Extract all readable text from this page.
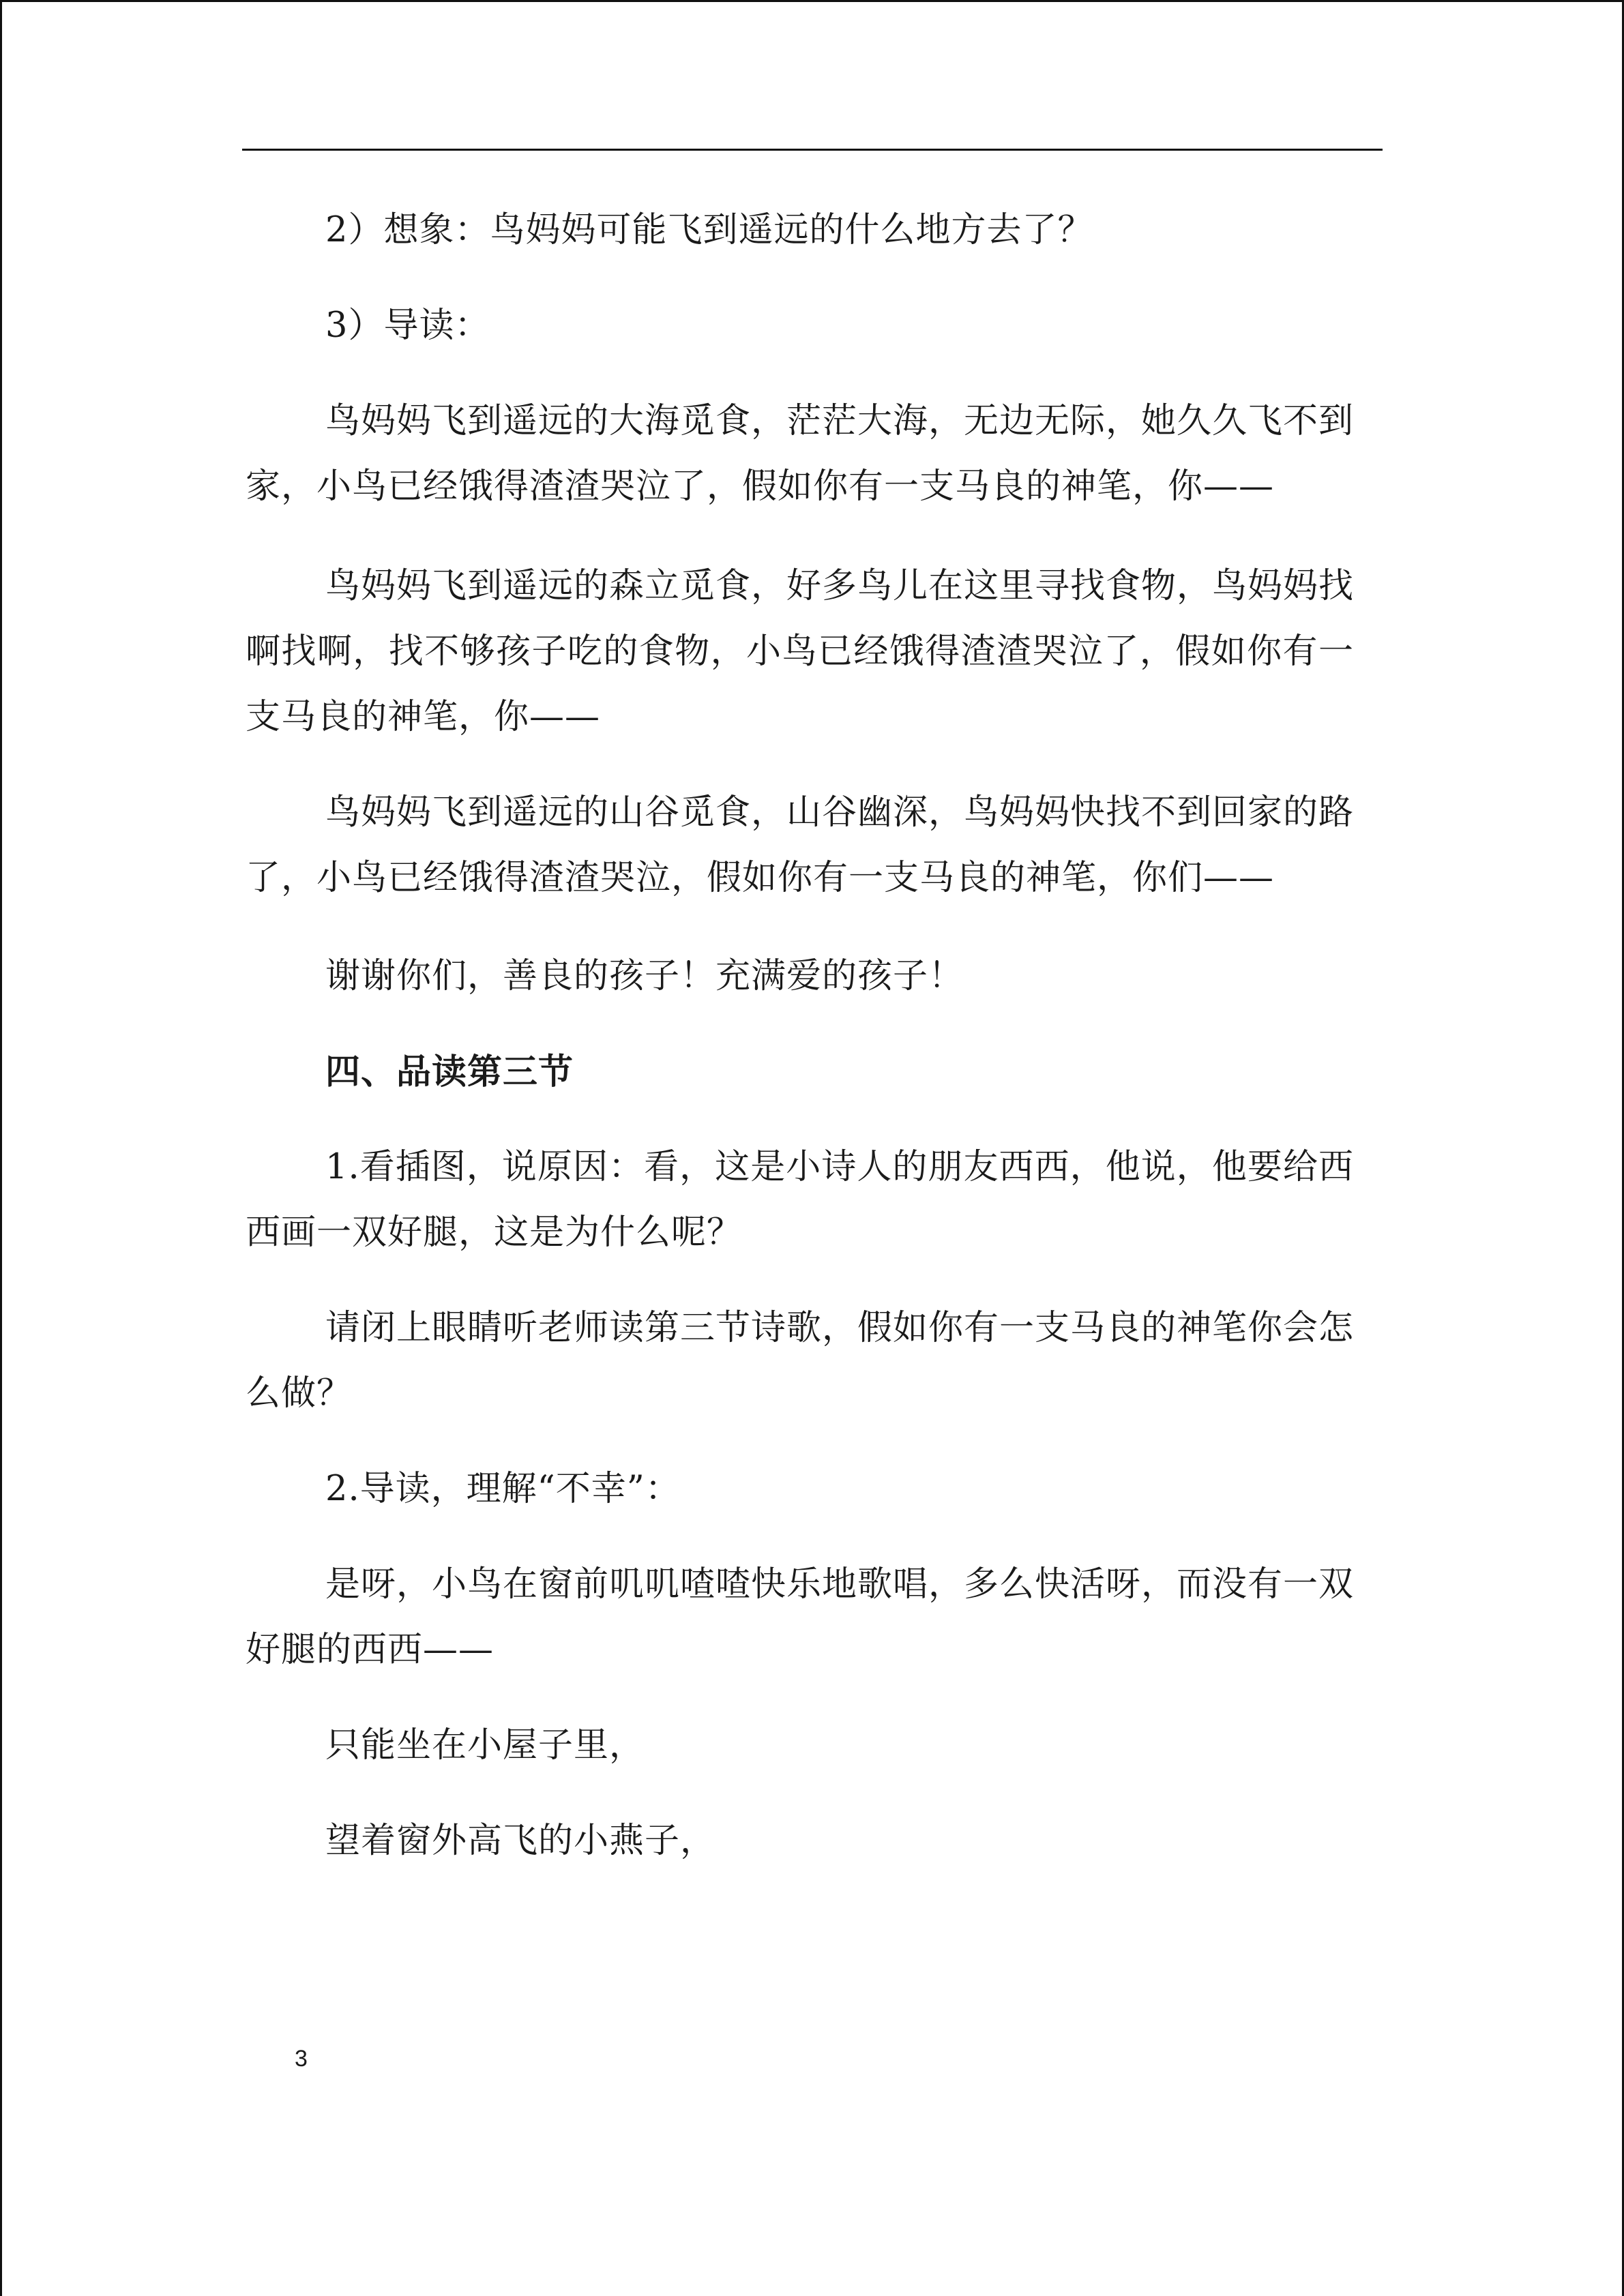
2）想象：鸟妈妈可能飞到遥远的什么地方去了？

3）导读：

鸟妈妈飞到遥远的大海觅食，茫茫大海，无边无际，她久久飞不到家，小鸟已经饿得渣渣哭泣了，假如你有一支马良的神笔，你——

鸟妈妈飞到遥远的森立觅食，好多鸟儿在这里寻找食物，鸟妈妈找啊找啊，找不够孩子吃的食物，小鸟已经饿得渣渣哭泣了，假如你有一支马良的神笔，你——

鸟妈妈飞到遥远的山谷觅食，山谷幽深，鸟妈妈快找不到回家的路了，小鸟已经饿得渣渣哭泣，假如你有一支马良的神笔，你们——

谢谢你们，善良的孩子！充满爱的孩子！

四、品读第三节

1.看插图，说原因：看，这是小诗人的朋友西西，他说，他要给西西画一双好腿，这是为什么呢？

请闭上眼睛听老师读第三节诗歌，假如你有一支马良的神笔你会怎么做？

2.导读，理解“不幸”：

是呀，小鸟在窗前叽叽喳喳快乐地歌唱，多么快活呀，而没有一双好腿的西西——

只能坐在小屋子里，

望着窗外高飞的小燕子，

3
